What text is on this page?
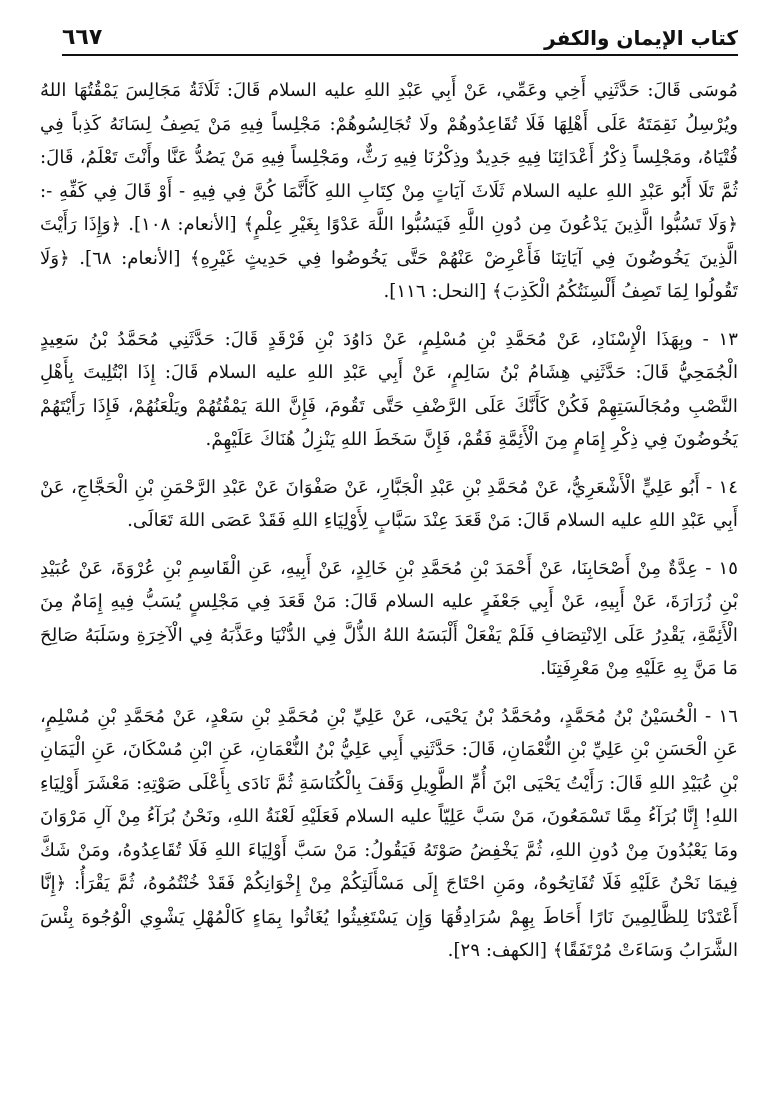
كتاب الإيمان والكفر
٦٦٧

مُوسَى قَالَ: حَدَّثَنِي أَخِي وعَمِّي، عَنْ أَبِي عَبْدِ اللهِ عليه السلام قَالَ: ثَلَاثَةُ مَجَالِسَ يَمْقُتُهَا اللهُ ويُرْسِلُ نَقِمَتَهُ عَلَى أَهْلِهَا فَلَا تُقَاعِدُوهُمْ ولَا تُجَالِسُوهُمْ: مَجْلِساً فِيهِ مَنْ يَصِفُ لِسَانَهُ كَذِباً فِي فُتْيَاهُ، ومَجْلِساً ذِكْرُ أَعْدَائِنَا فِيهِ جَدِيدٌ وذِكْرُنَا فِيهِ رَثٌّ، ومَجْلِساً فِيهِ مَنْ يَصُدُّ عَنَّا وأَنْتَ تَعْلَمُ، قَالَ: ثُمَّ تَلَا أَبُو عَبْدِ اللهِ عليه السلام ثَلَاثَ آيَاتٍ مِنْ كِتَابِ اللهِ كَأَنَّمَا كُنَّ فِي فِيهِ - أَوْ قَالَ فِي كَفِّهِ -: ﴿وَلَا تَسُبُّوا الَّذِينَ يَدْعُونَ مِن دُونِ اللَّهِ فَيَسُبُّوا اللَّهَ عَدْوًا بِغَيْرِ عِلْمٍ﴾ [الأنعام: ١٠٨]. ﴿وَإِذَا رَأَيْتَ الَّذِينَ يَخُوضُونَ فِي آيَاتِنَا فَأَعْرِضْ عَنْهُمْ حَتَّى يَخُوضُوا فِي حَدِيثٍ غَيْرِهِ﴾ [الأنعام: ٦٨]. ﴿وَلَا تَقُولُوا لِمَا تَصِفُ أَلْسِنَتُكُمُ الْكَذِبَ﴾ [النحل: ١١٦].

١٣ - وبِهَذَا الْإِسْنَادِ، عَنْ مُحَمَّدِ بْنِ مُسْلِمٍ، عَنْ دَاوُدَ بْنِ فَرْقَدٍ قَالَ: حَدَّثَنِي مُحَمَّدُ بْنُ سَعِيدٍ الْجُمَحِيُّ قَالَ: حَدَّثَنِي هِشَامُ بْنُ سَالِمٍ، عَنْ أَبِي عَبْدِ اللهِ عليه السلام قَالَ: إِذَا ابْتُلِيتَ بِأَهْلِ النَّصْبِ ومُجَالَسَتِهِمْ فَكُنْ كَأَنَّكَ عَلَى الرَّضْفِ حَتَّى تَقُومَ، فَإِنَّ اللهَ يَمْقُتُهُمْ ويَلْعَنُهُمْ، فَإِذَا رَأَيْتَهُمْ يَخُوضُونَ فِي ذِكْرِ إِمَامٍ مِنَ الْأَئِمَّةِ فَقُمْ، فَإِنَّ سَخَطَ اللهِ يَنْزِلُ هُنَاكَ عَلَيْهِمْ.

١٤ - أَبُو عَلِيٍّ الْأَشْعَرِيُّ، عَنْ مُحَمَّدِ بْنِ عَبْدِ الْجَبَّارِ، عَنْ صَفْوَانَ عَنْ عَبْدِ الرَّحْمَنِ بْنِ الْحَجَّاجِ، عَنْ أَبِي عَبْدِ اللهِ عليه السلام قَالَ: مَنْ قَعَدَ عِنْدَ سَبَّابٍ لِأَوْلِيَاءِ اللهِ فَقَدْ عَصَى اللهَ تَعَالَى.

١٥ - عِدَّةٌ مِنْ أَصْحَابِنَا، عَنْ أَحْمَدَ بْنِ مُحَمَّدِ بْنِ خَالِدٍ، عَنْ أَبِيهِ، عَنِ الْقَاسِمِ بْنِ عُرْوَةَ، عَنْ عُبَيْدِ بْنِ زُرَارَةَ، عَنْ أَبِيهِ، عَنْ أَبِي جَعْفَرٍ عليه السلام قَالَ: مَنْ قَعَدَ فِي مَجْلِسٍ يُسَبُّ فِيهِ إِمَامٌ مِنَ الْأَئِمَّةِ، يَقْدِرُ عَلَى الِانْتِصَافِ فَلَمْ يَفْعَلْ أَلْبَسَهُ اللهُ الذُّلَّ فِي الدُّنْيَا وعَذَّبَهُ فِي الْآخِرَةِ وسَلَبَهُ صَالِحَ مَا مَنَّ بِهِ عَلَيْهِ مِنْ مَعْرِفَتِنَا.

١٦ - الْحُسَيْنُ بْنُ مُحَمَّدٍ، ومُحَمَّدُ بْنُ يَحْيَى، عَنْ عَلِيِّ بْنِ مُحَمَّدِ بْنِ سَعْدٍ، عَنْ مُحَمَّدِ بْنِ مُسْلِمٍ، عَنِ الْحَسَنِ بْنِ عَلِيِّ بْنِ النُّعْمَانِ، قَالَ: حَدَّثَنِي أَبِي عَلِيُّ بْنُ النُّعْمَانِ، عَنِ ابْنِ مُسْكَانَ، عَنِ الْيَمَانِ بْنِ عُبَيْدِ اللهِ قَالَ: رَأَيْتُ يَحْيَى ابْنَ أُمِّ الطَّوِيلِ وَقَفَ بِالْكُنَاسَةِ ثُمَّ نَادَى بِأَعْلَى صَوْتِهِ: مَعْشَرَ أَوْلِيَاءِ اللهِ! إِنَّا بُرَآءُ مِمَّا تَسْمَعُونَ، مَنْ سَبَّ عَلِيّاً عليه السلام فَعَلَيْهِ لَعْنَةُ اللهِ، ونَحْنُ بُرَآءُ مِنْ آلِ مَرْوَانَ ومَا يَعْبُدُونَ مِنْ دُونِ اللهِ، ثُمَّ يَخْفِضُ صَوْتَهُ فَيَقُولُ: مَنْ سَبَّ أَوْلِيَاءَ اللهِ فَلَا تُقَاعِدُوهُ، ومَنْ شَكَّ فِيمَا نَحْنُ عَلَيْهِ فَلَا تُفَاتِحُوهُ، ومَنِ احْتَاجَ إِلَى مَسْأَلَتِكُمْ مِنْ إِخْوَانِكُمْ فَقَدْ خُنْتُمُوهُ، ثُمَّ يَقْرَأُ: ﴿إِنَّا أَعْتَدْنَا لِلظَّالِمِينَ نَارًا أَحَاطَ بِهِمْ سُرَادِقُهَا وَإِن يَسْتَغِيثُوا يُغَاثُوا بِمَاءٍ كَالْمُهْلِ يَشْوِي الْوُجُوهَ بِئْسَ الشَّرَابُ وَسَاءَتْ مُرْتَفَقًا﴾ [الكهف: ٢٩].
